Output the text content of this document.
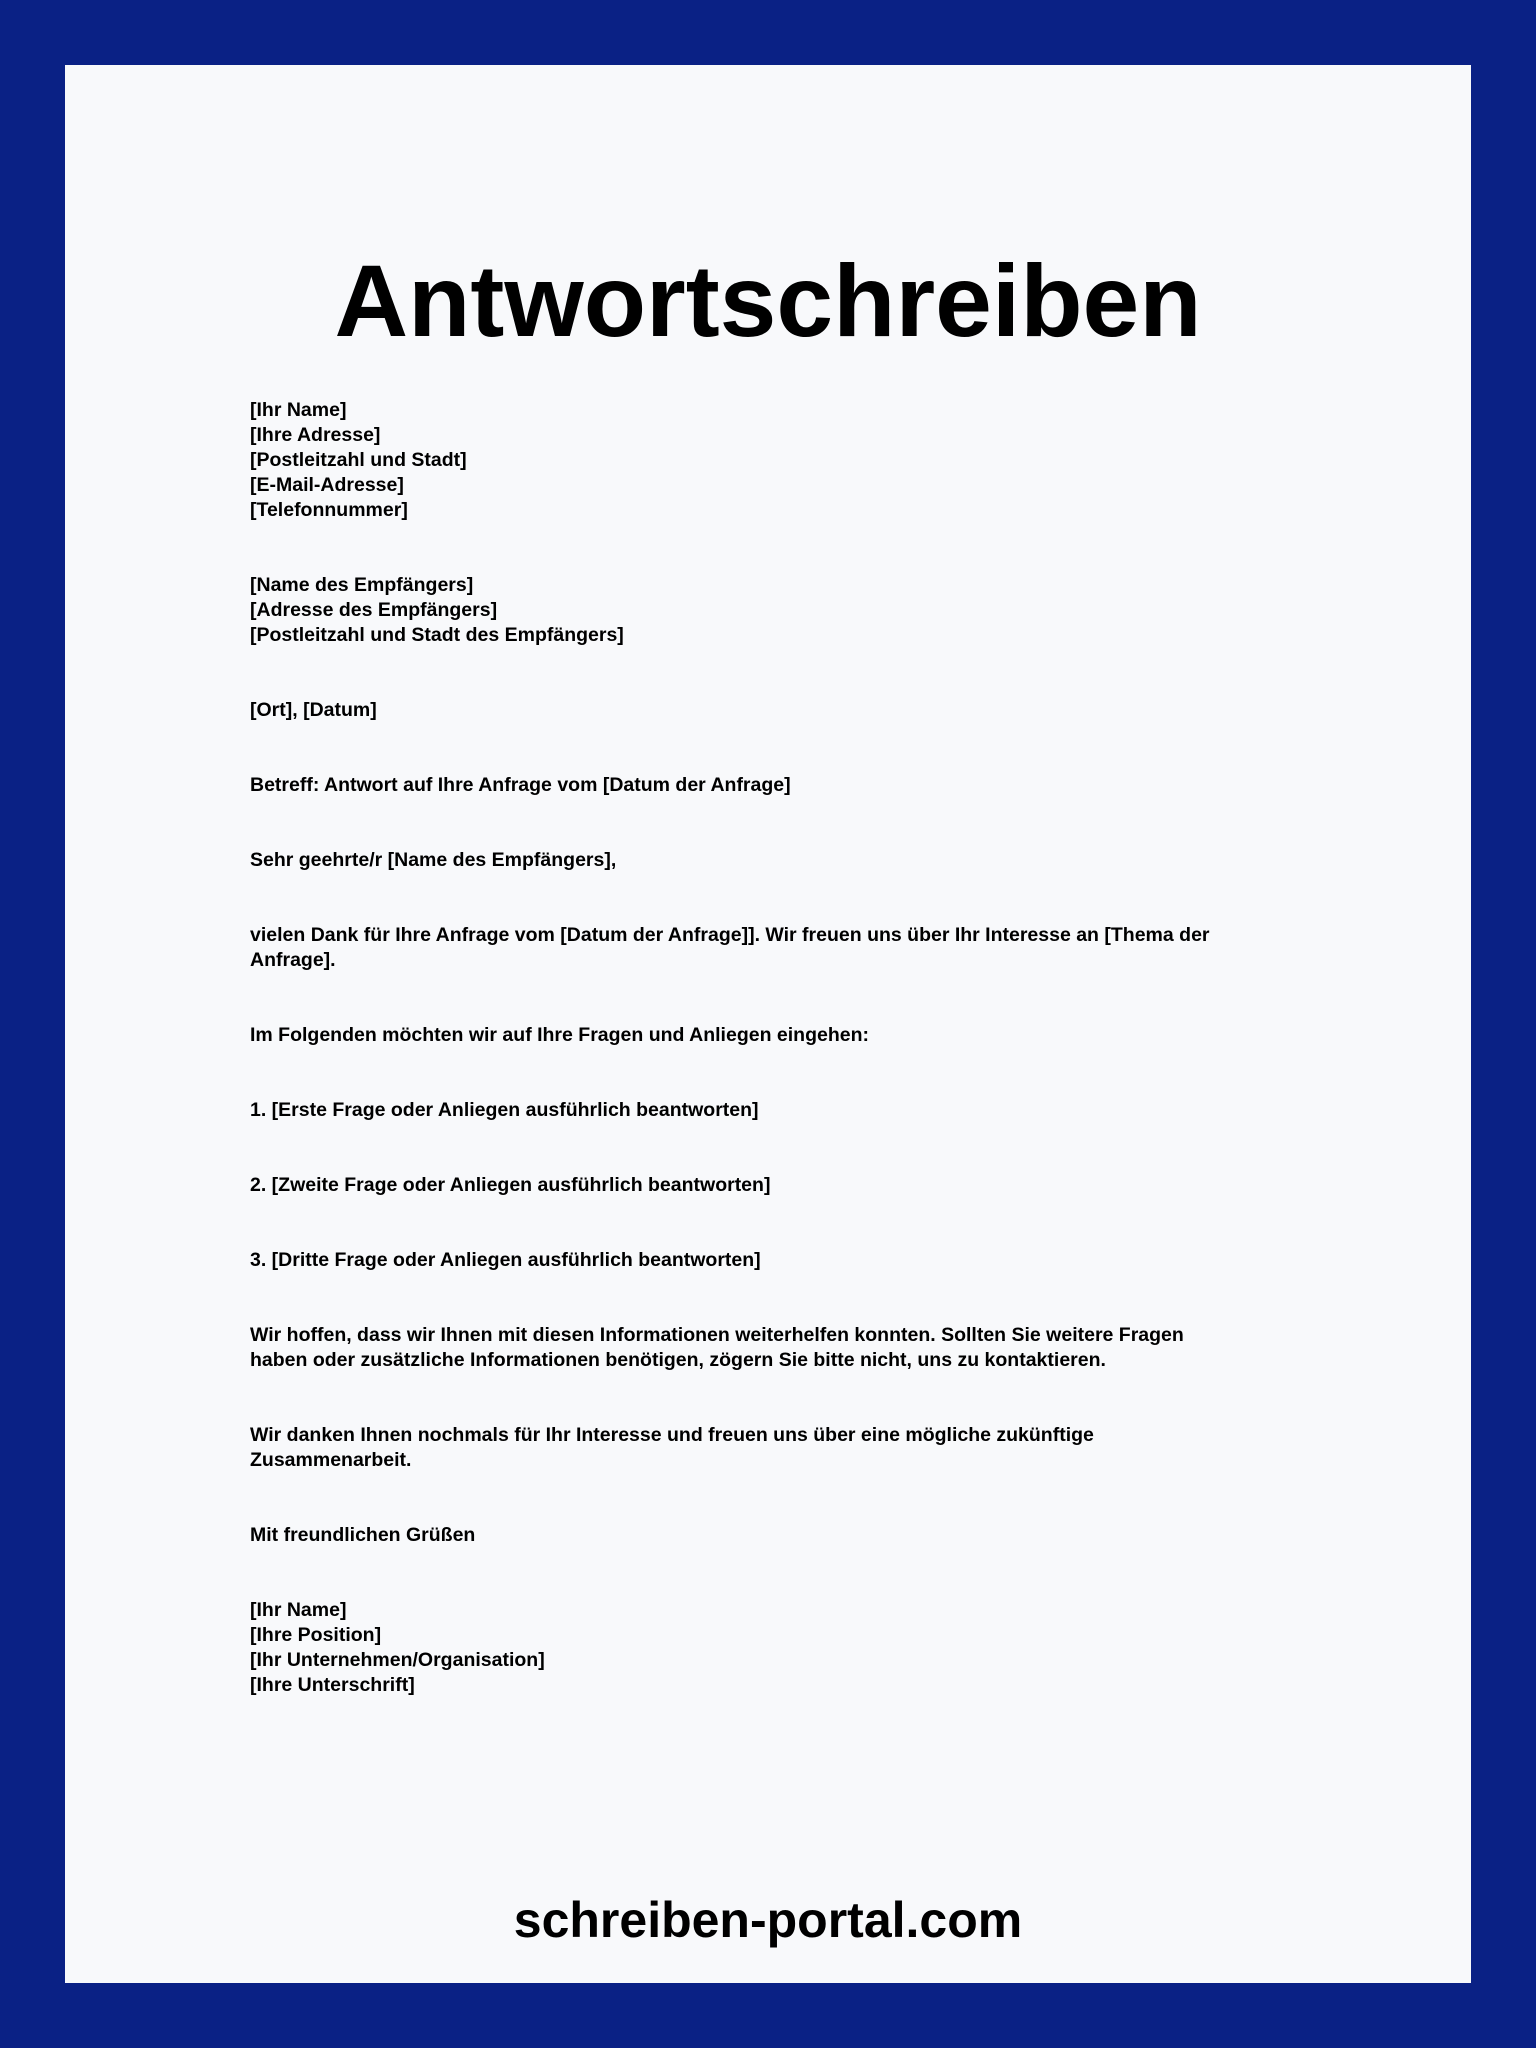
Antwortschreiben
[Ihr Name]
[Ihre Adresse]
[Postleitzahl und Stadt]
[E-Mail-Adresse]
[Telefonnummer]
[Name des Empfängers]
[Adresse des Empfängers]
[Postleitzahl und Stadt des Empfängers]
[Ort], [Datum]
Betreff: Antwort auf Ihre Anfrage vom [Datum der Anfrage]
Sehr geehrte/r [Name des Empfängers],
vielen Dank für Ihre Anfrage vom [Datum der Anfrage]]. Wir freuen uns über Ihr Interesse an [Thema der
Anfrage].
Im Folgenden möchten wir auf Ihre Fragen und Anliegen eingehen:
1. [Erste Frage oder Anliegen ausführlich beantworten]
2. [Zweite Frage oder Anliegen ausführlich beantworten]
3. [Dritte Frage oder Anliegen ausführlich beantworten]
Wir hoffen, dass wir Ihnen mit diesen Informationen weiterhelfen konnten. Sollten Sie weitere Fragen
haben oder zusätzliche Informationen benötigen, zögern Sie bitte nicht, uns zu kontaktieren.
Wir danken Ihnen nochmals für Ihr Interesse und freuen uns über eine mögliche zukünftige
Zusammenarbeit.
Mit freundlichen Grüßen
[Ihr Name]
[Ihre Position]
[Ihr Unternehmen/Organisation]
[Ihre Unterschrift]
schreiben-portal.com
